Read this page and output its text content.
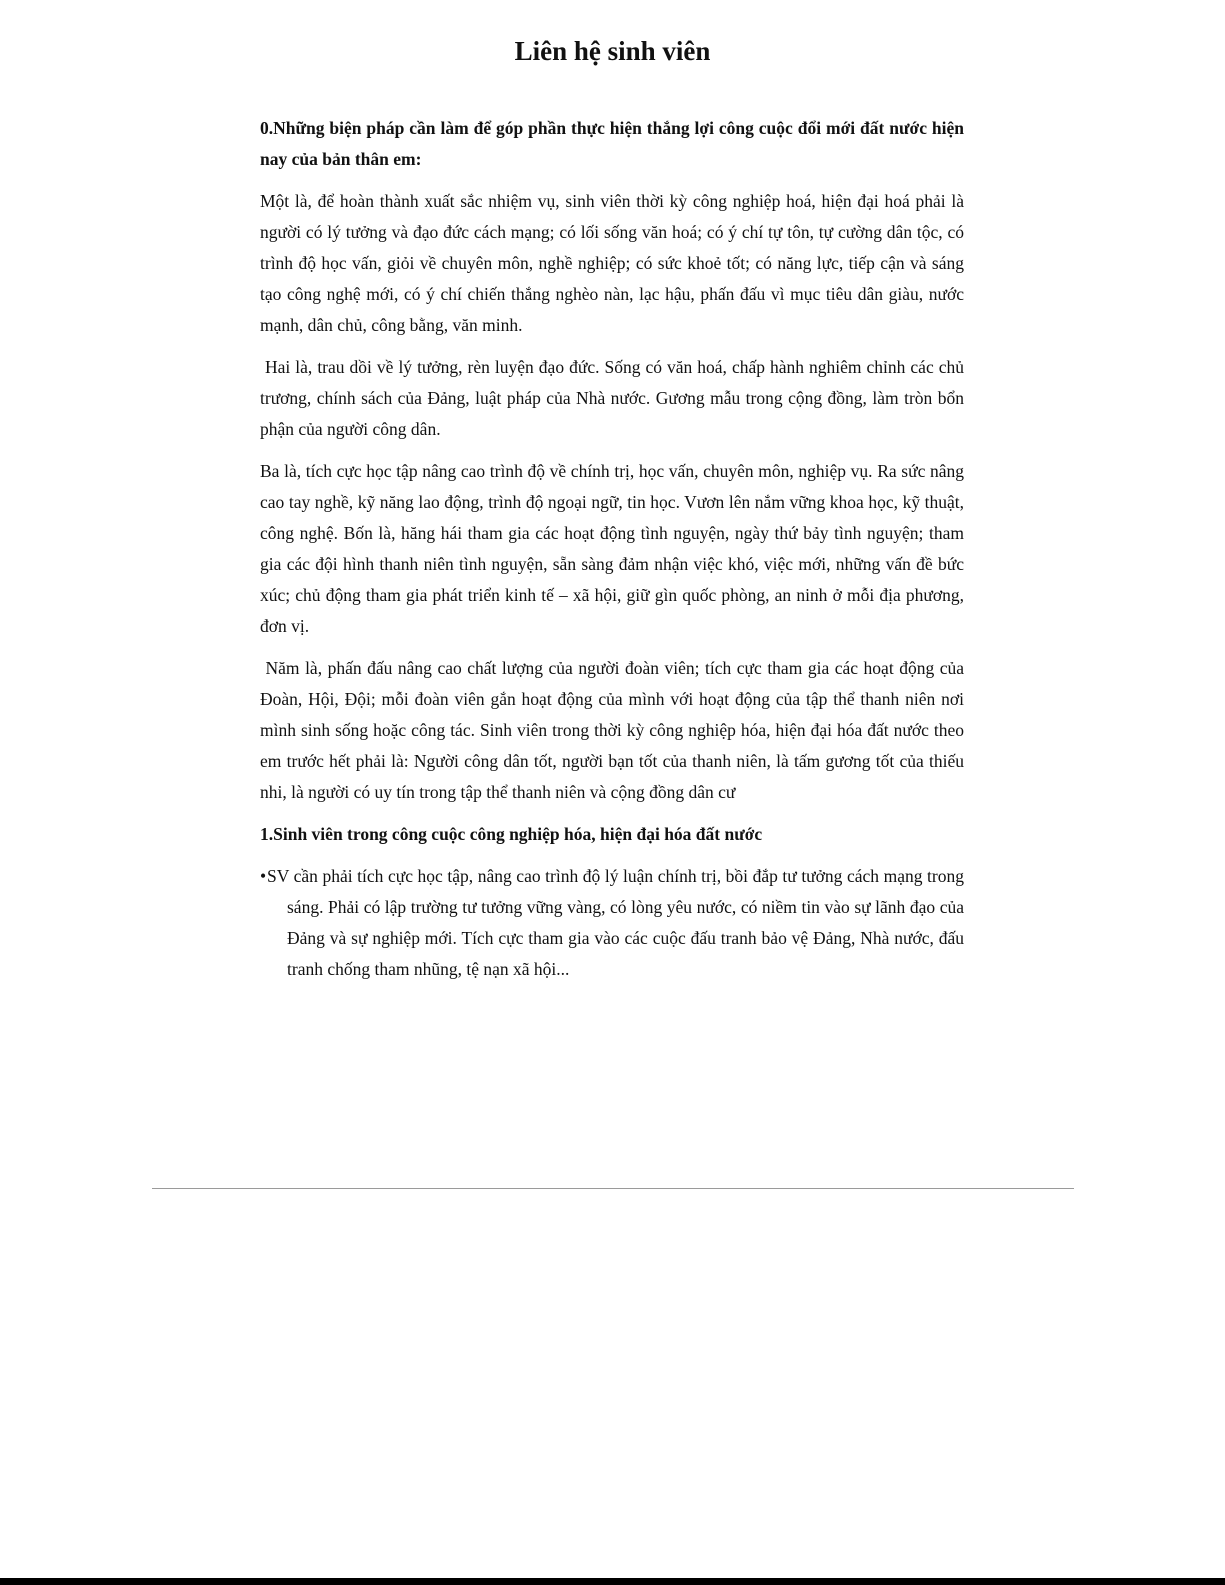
Liên hệ sinh viên

0.Những biện pháp cần làm để góp phần thực hiện thắng lợi công cuộc đổi mới đất nước hiện nay của bản thân em:

Một là, để hoàn thành xuất sắc nhiệm vụ, sinh viên thời kỳ công nghiệp hoá, hiện đại hoá phải là người có lý tưởng và đạo đức cách mạng; có lối sống văn hoá; có ý chí tự tôn, tự cường dân tộc, có trình độ học vấn, giỏi về chuyên môn, nghề nghiệp; có sức khoẻ tốt; có năng lực, tiếp cận và sáng tạo công nghệ mới, có ý chí chiến thắng nghèo nàn, lạc hậu, phấn đấu vì mục tiêu dân giàu, nước mạnh, dân chủ, công bằng, văn minh.

Hai là, trau dồi về lý tưởng, rèn luyện đạo đức. Sống có văn hoá, chấp hành nghiêm chỉnh các chủ trương, chính sách của Đảng, luật pháp của Nhà nước. Gương mẫu trong cộng đồng, làm tròn bổn phận của người công dân.

Ba là, tích cực học tập nâng cao trình độ về chính trị, học vấn, chuyên môn, nghiệp vụ. Ra sức nâng cao tay nghề, kỹ năng lao động, trình độ ngoại ngữ, tin học. Vươn lên nắm vững khoa học, kỹ thuật, công nghệ. Bốn là, hăng hái tham gia các hoạt động tình nguyện, ngày thứ bảy tình nguyện; tham gia các đội hình thanh niên tình nguyện, sẵn sàng đảm nhận việc khó, việc mới, những vấn đề bức xúc; chủ động tham gia phát triển kinh tế – xã hội, giữ gìn quốc phòng, an ninh ở mỗi địa phương, đơn vị.

Năm là, phấn đấu nâng cao chất lượng của người đoàn viên; tích cực tham gia các hoạt động của Đoàn, Hội, Đội; mỗi đoàn viên gắn hoạt động của mình với hoạt động của tập thể thanh niên nơi mình sinh sống hoặc công tác. Sinh viên trong thời kỳ công nghiệp hóa, hiện đại hóa đất nước theo em trước hết phải là: Người công dân tốt, người bạn tốt của thanh niên, là tấm gương tốt của thiếu nhi, là người có uy tín trong tập thể thanh niên và cộng đồng dân cư

1.Sinh viên trong công cuộc công nghiệp hóa, hiện đại hóa đất nước

•SV cần phải tích cực học tập, nâng cao trình độ lý luận chính trị, bồi đắp tư tưởng cách mạng trong sáng. Phải có lập trường tư tưởng vững vàng, có lòng yêu nước, có niềm tin vào sự lãnh đạo của Đảng và sự nghiệp mới. Tích cực tham gia vào các cuộc đấu tranh bảo vệ Đảng, Nhà nước, đấu tranh chống tham nhũng, tệ nạn xã hội...
